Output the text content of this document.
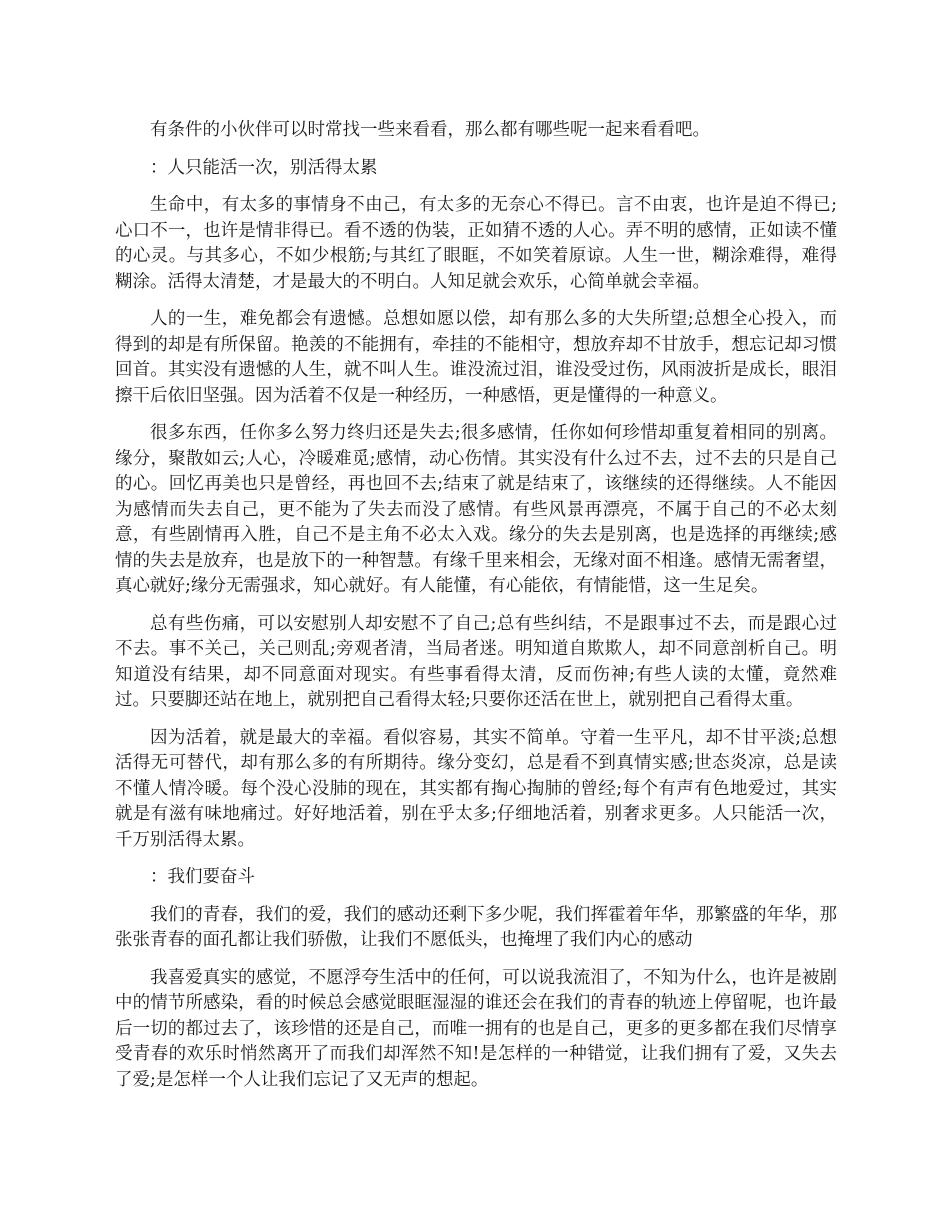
有条件的小伙伴可以时常找一些来看看，那么都有哪些呢一起来看看吧。

：人只能活一次，别活得太累

生命中，有太多的事情身不由己，有太多的无奈心不得已。言不由衷，也许是迫不得已;心口不一，也许是情非得已。看不透的伪装，正如猜不透的人心。弄不明的感情，正如读不懂的心灵。与其多心，不如少根筋;与其红了眼眶，不如笑着原谅。人生一世，糊涂难得，难得糊涂。活得太清楚，才是最大的不明白。人知足就会欢乐，心简单就会幸福。

人的一生，难免都会有遗憾。总想如愿以偿，却有那么多的大失所望;总想全心投入，而得到的却是有所保留。艳羡的不能拥有，牵挂的不能相守，想放弃却不甘放手，想忘记却习惯回首。其实没有遗憾的人生，就不叫人生。谁没流过泪，谁没受过伤，风雨波折是成长，眼泪擦干后依旧坚强。因为活着不仅是一种经历，一种感悟，更是懂得的一种意义。

很多东西，任你多么努力终归还是失去;很多感情，任你如何珍惜却重复着相同的别离。缘分，聚散如云;人心，冷暖难觅;感情，动心伤情。其实没有什么过不去，过不去的只是自己的心。回忆再美也只是曾经，再也回不去;结束了就是结束了，该继续的还得继续。人不能因为感情而失去自己，更不能为了失去而没了感情。有些风景再漂亮，不属于自己的不必太刻意，有些剧情再入胜，自己不是主角不必太入戏。缘分的失去是别离，也是选择的再继续;感情的失去是放弃，也是放下的一种智慧。有缘千里来相会，无缘对面不相逢。感情无需奢望，真心就好;缘分无需强求，知心就好。有人能懂，有心能依，有情能惜，这一生足矣。

总有些伤痛，可以安慰别人却安慰不了自己;总有些纠结，不是跟事过不去，而是跟心过不去。事不关己，关己则乱;旁观者清，当局者迷。明知道自欺欺人，却不同意剖析自己。明知道没有结果，却不同意面对现实。有些事看得太清，反而伤神;有些人读的太懂，竟然难过。只要脚还站在地上，就别把自己看得太轻;只要你还活在世上，就别把自己看得太重。

因为活着，就是最大的幸福。看似容易，其实不简单。守着一生平凡，却不甘平淡;总想活得无可替代，却有那么多的有所期待。缘分变幻，总是看不到真情实感;世态炎凉，总是读不懂人情冷暖。每个没心没肺的现在，其实都有掏心掏肺的曾经;每个有声有色地爱过，其实就是有滋有味地痛过。好好地活着，别在乎太多;仔细地活着，别奢求更多。人只能活一次，千万别活得太累。

：我们要奋斗

我们的青春，我们的爱，我们的感动还剩下多少呢，我们挥霍着年华，那繁盛的年华，那张张青春的面孔都让我们骄傲，让我们不愿低头，也掩埋了我们内心的感动

我喜爱真实的感觉，不愿浮夸生活中的任何，可以说我流泪了，不知为什么，也许是被剧中的情节所感染，看的时候总会感觉眼眶湿湿的谁还会在我们的青春的轨迹上停留呢，也许最后一切的都过去了，该珍惜的还是自己，而唯一拥有的也是自己，更多的更多都在我们尽情享受青春的欢乐时悄然离开了而我们却浑然不知!是怎样的一种错觉，让我们拥有了爱，又失去了爱;是怎样一个人让我们忘记了又无声的想起。
